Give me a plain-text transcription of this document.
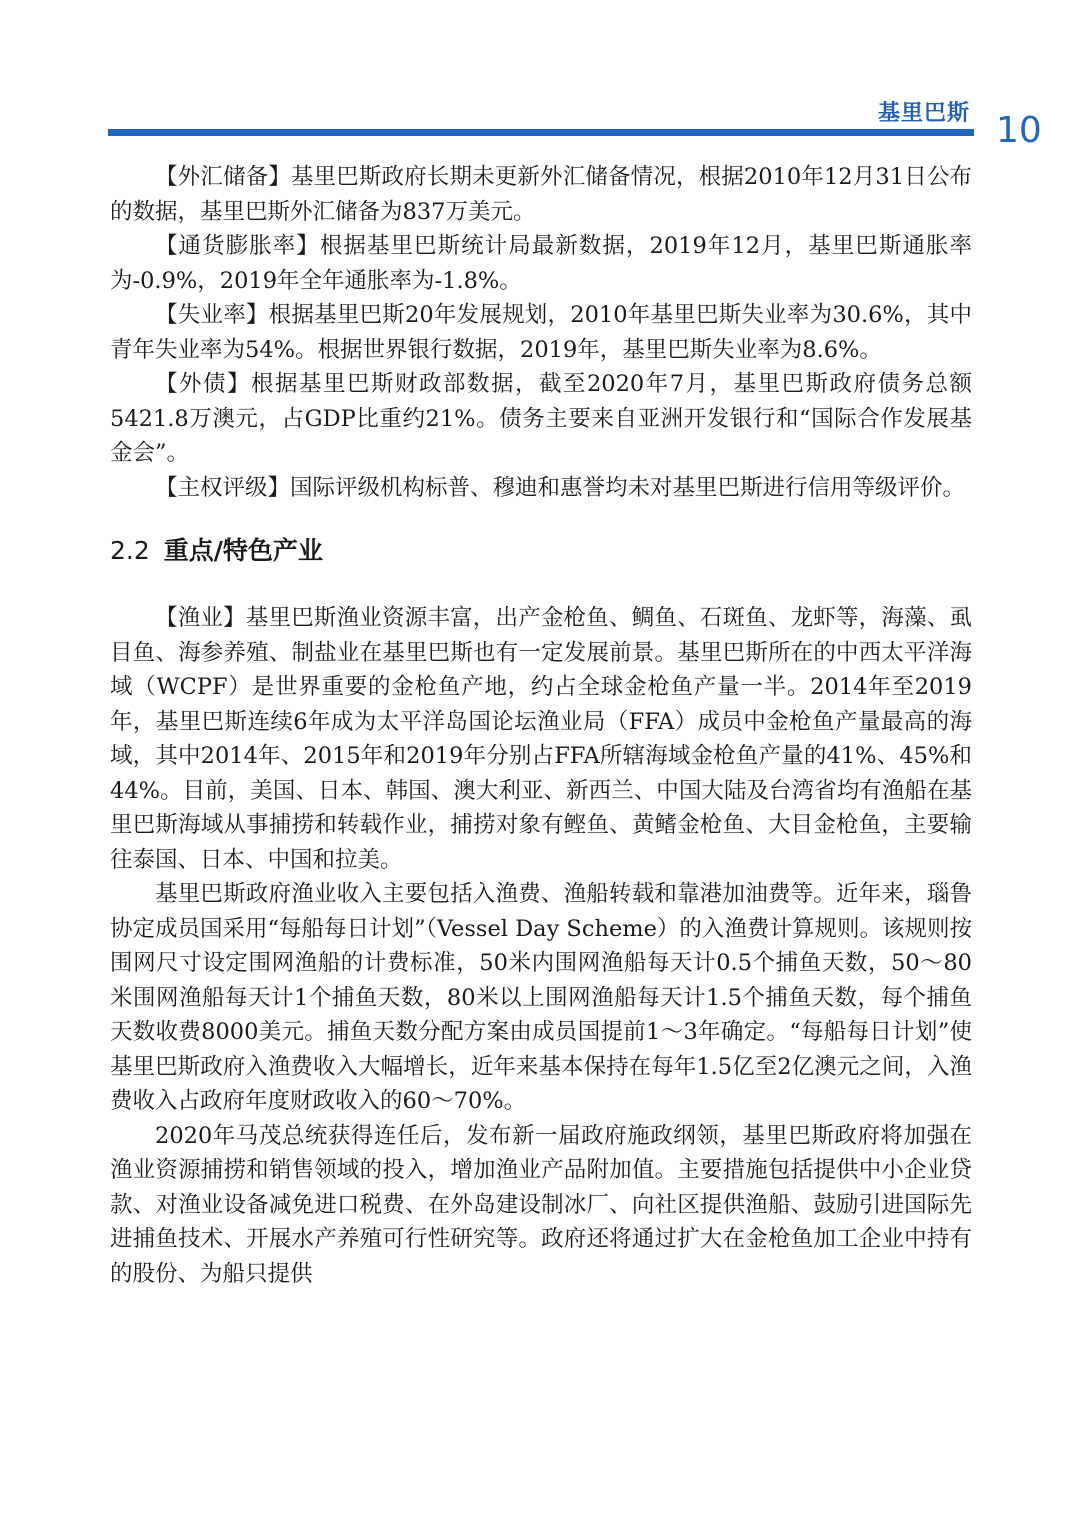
基里巴斯 10

【外汇储备】基里巴斯政府长期未更新外汇储备情况，根据2010年12月31日公布的数据，基里巴斯外汇储备为837万美元。

【通货膨胀率】根据基里巴斯统计局最新数据，2019年12月，基里巴斯通胀率为-0.9%，2019年全年通胀率为-1.8%。

【失业率】根据基里巴斯20年发展规划，2010年基里巴斯失业率为30.6%，其中青年失业率为54%。根据世界银行数据，2019年，基里巴斯失业率为8.6%。

【外债】根据基里巴斯财政部数据，截至2020年7月，基里巴斯政府债务总额5421.8万澳元，占GDP比重约21%。债务主要来自亚洲开发银行和“国际合作发展基金会”。

【主权评级】国际评级机构标普、穆迪和惠誉均未对基里巴斯进行信用等级评价。

2.2 重点/特色产业

【渔业】基里巴斯渔业资源丰富，出产金枪鱼、鲷鱼、石斑鱼、龙虾等，海藻、虱目鱼、海参养殖、制盐业在基里巴斯也有一定发展前景。基里巴斯所在的中西太平洋海域（WCPF）是世界重要的金枪鱼产地，约占全球金枪鱼产量一半。2014年至2019年，基里巴斯连续6年成为太平洋岛国论坛渔业局（FFA）成员中金枪鱼产量最高的海域，其中2014年、2015年和2019年分别占FFA所辖海域金枪鱼产量的41%、45%和44%。目前，美国、日本、韩国、澳大利亚、新西兰、中国大陆及台湾省均有渔船在基里巴斯海域从事捕捞和转载作业，捕捞对象有鲣鱼、黄鳍金枪鱼、大目金枪鱼，主要输往泰国、日本、中国和拉美。

基里巴斯政府渔业收入主要包括入渔费、渔船转载和靠港加油费等。近年来，瑙鲁协定成员国采用“每船每日计划”（Vessel Day Scheme）的入渔费计算规则。该规则按围网尺寸设定围网渔船的计费标准，50米内围网渔船每天计0.5个捕鱼天数，50～80米围网渔船每天计1个捕鱼天数，80米以上围网渔船每天计1.5个捕鱼天数，每个捕鱼天数收费8000美元。捕鱼天数分配方案由成员国提前1～3年确定。“每船每日计划”使基里巴斯政府入渔费收入大幅增长，近年来基本保持在每年1.5亿至2亿澳元之间，入渔费收入占政府年度财政收入的60～70%。

2020年马茂总统获得连任后，发布新一届政府施政纲领，基里巴斯政府将加强在渔业资源捕捞和销售领域的投入，增加渔业产品附加值。主要措施包括提供中小企业贷款、对渔业设备减免进口税费、在外岛建设制冰厂、向社区提供渔船、鼓励引进国际先进捕鱼技术、开展水产养殖可行性研究等。政府还将通过扩大在金枪鱼加工企业中持有的股份、为船只提供
